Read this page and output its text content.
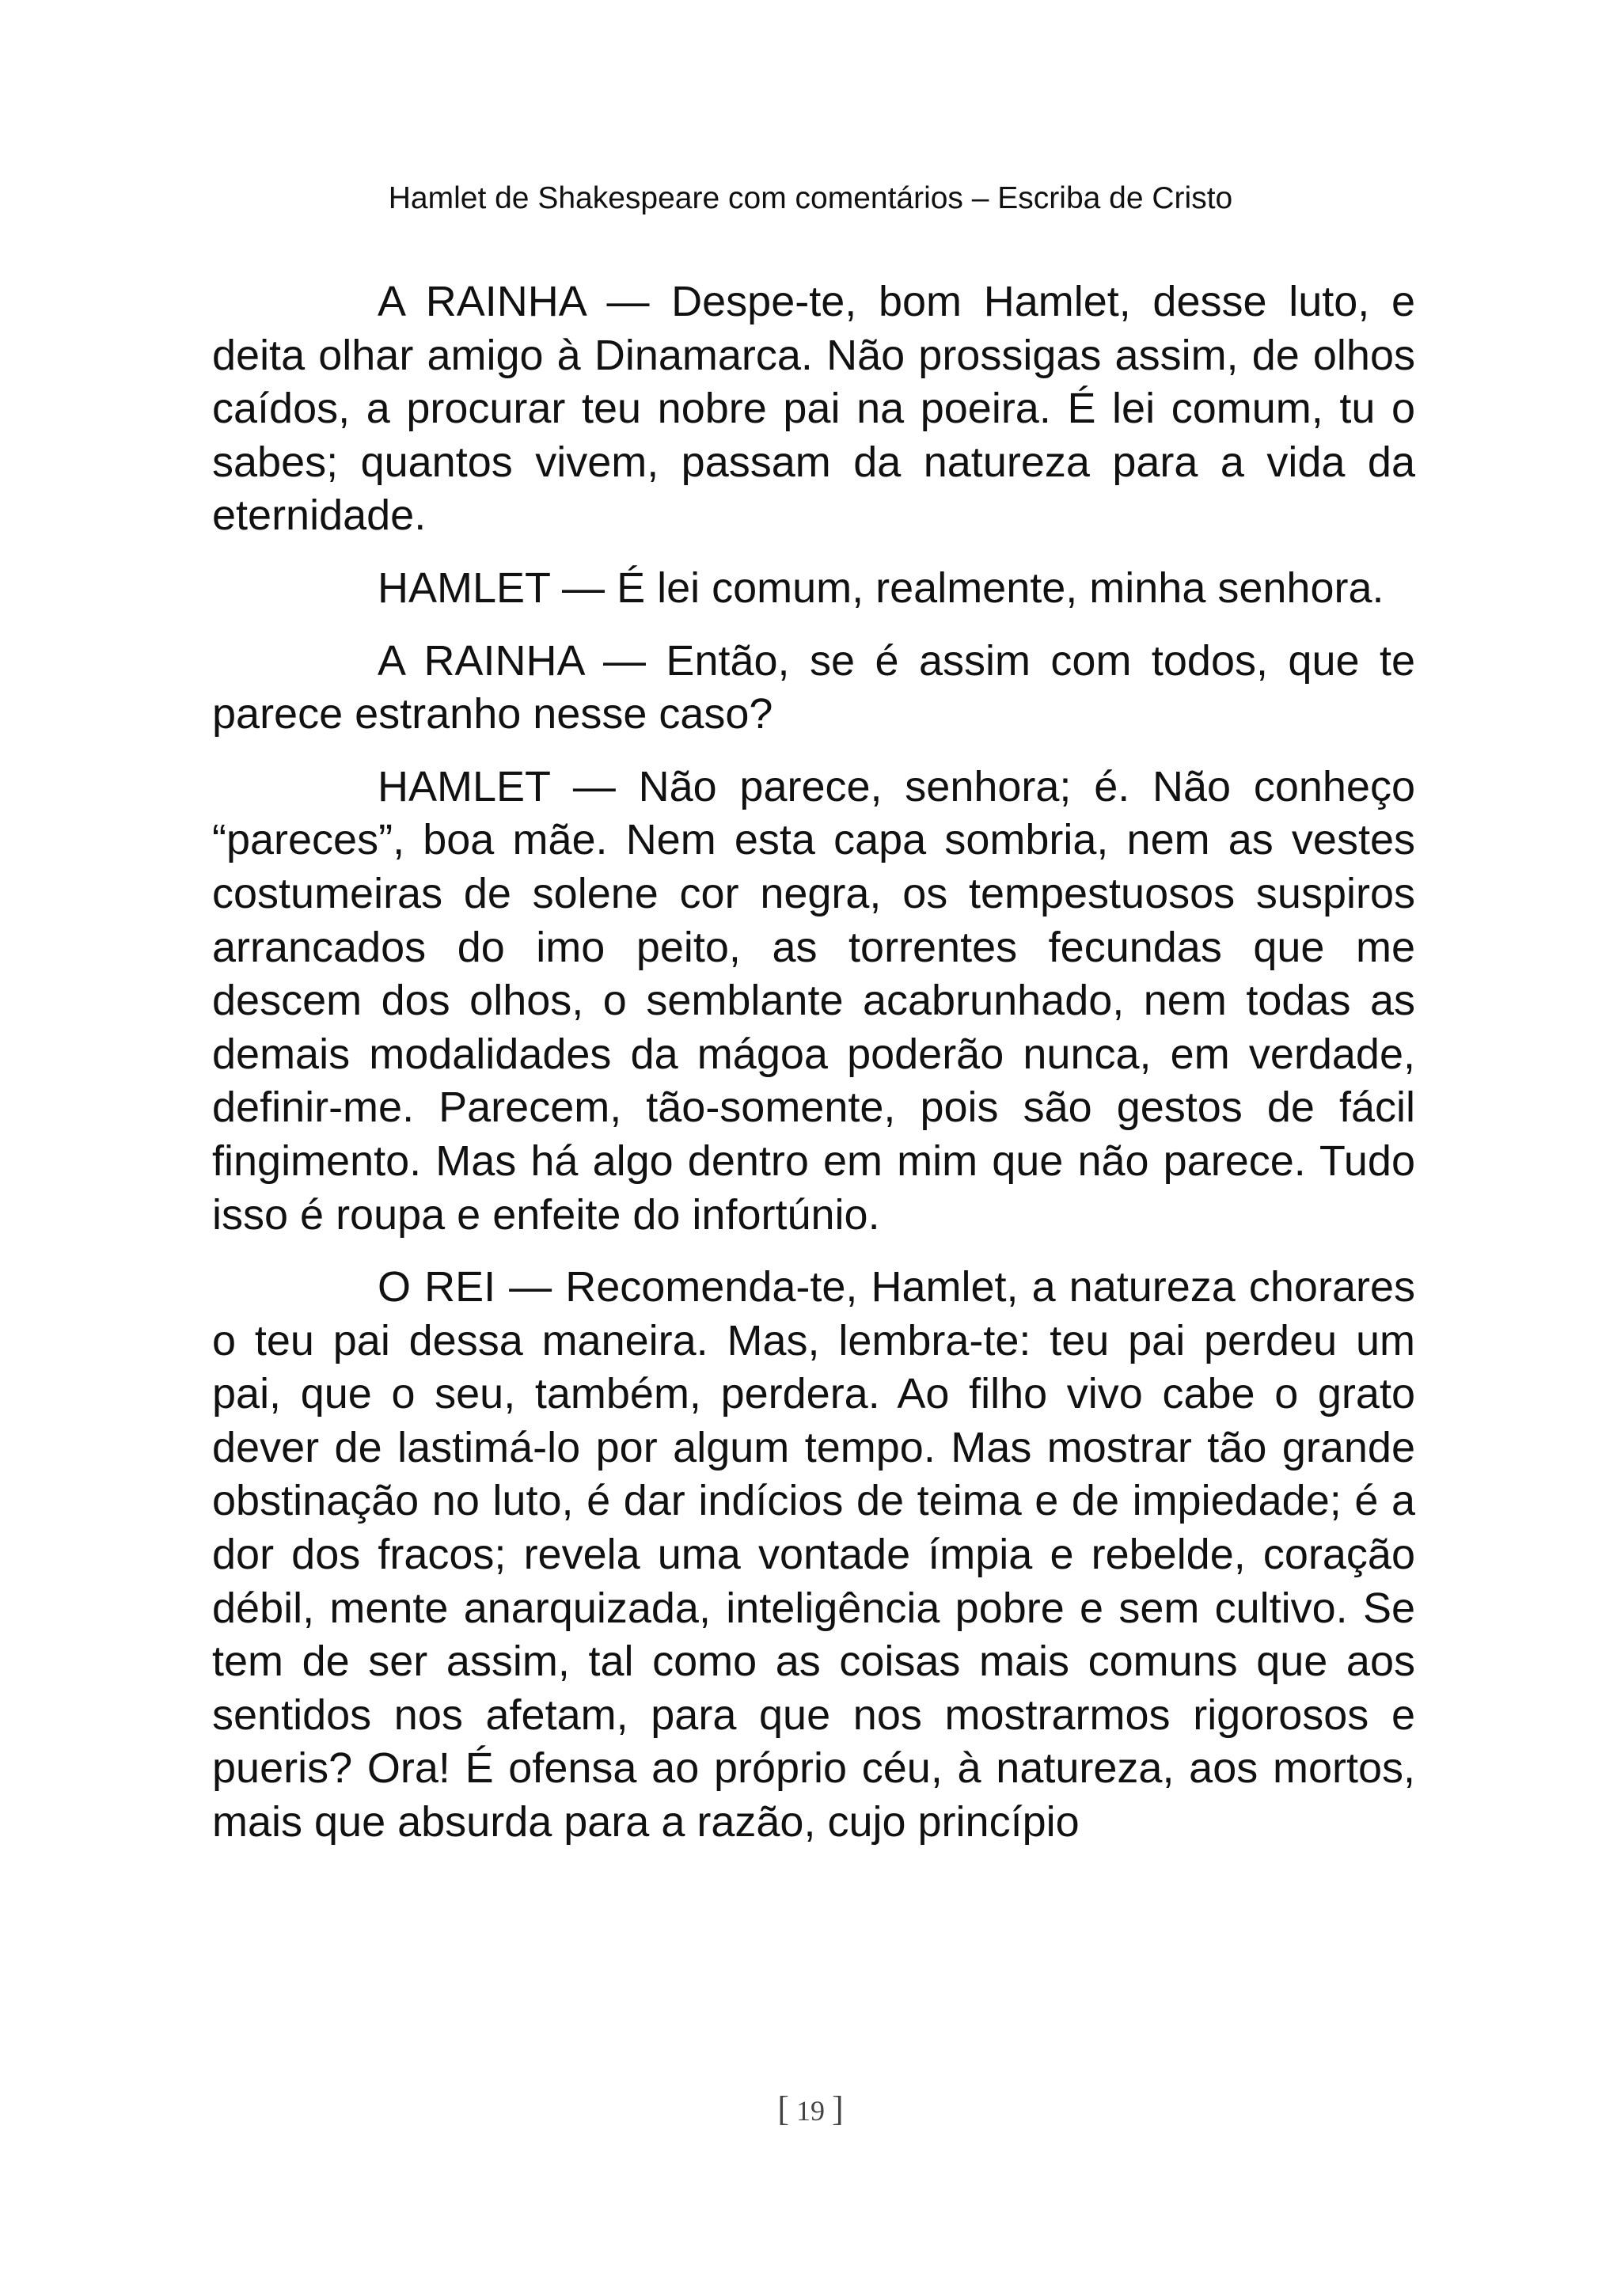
Hamlet de Shakespeare com comentários – Escriba de Cristo

A RAINHA — Despe-te, bom Hamlet, desse luto, e deita olhar amigo à Dinamarca. Não prossigas assim, de olhos caídos, a procurar teu nobre pai na poeira. É lei comum, tu o sabes; quantos vivem, passam da natureza para a vida da eternidade.

HAMLET — É lei comum, realmente, minha senhora.

A RAINHA — Então, se é assim com todos, que te parece estranho nesse caso?

HAMLET — Não parece, senhora; é. Não conheço “pareces”, boa mãe. Nem esta capa sombria, nem as vestes costumeiras de solene cor negra, os tempestuosos suspiros arrancados do imo peito, as torrentes fecundas que me descem dos olhos, o semblante acabrunhado, nem todas as demais modalidades da mágoa poderão nunca, em verdade, definir-me. Parecem, tão-somente, pois são gestos de fácil fingimento. Mas há algo dentro em mim que não parece. Tudo isso é roupa e enfeite do infortúnio.

O REI — Recomenda-te, Hamlet, a natureza chorares o teu pai dessa maneira. Mas, lembra-te: teu pai perdeu um pai, que o seu, também, perdera. Ao filho vivo cabe o grato dever de lastimá-lo por algum tempo. Mas mostrar tão grande obstinação no luto, é dar indícios de teima e de impiedade; é a dor dos fracos; revela uma vontade ímpia e rebelde, coração débil, mente anarquizada, inteligência pobre e sem cultivo. Se tem de ser assim, tal como as coisas mais comuns que aos sentidos nos afetam, para que nos mostrarmos rigorosos e pueris? Ora! É ofensa ao próprio céu, à natureza, aos mortos, mais que absurda para a razão, cujo princípio

[ 19 ]
